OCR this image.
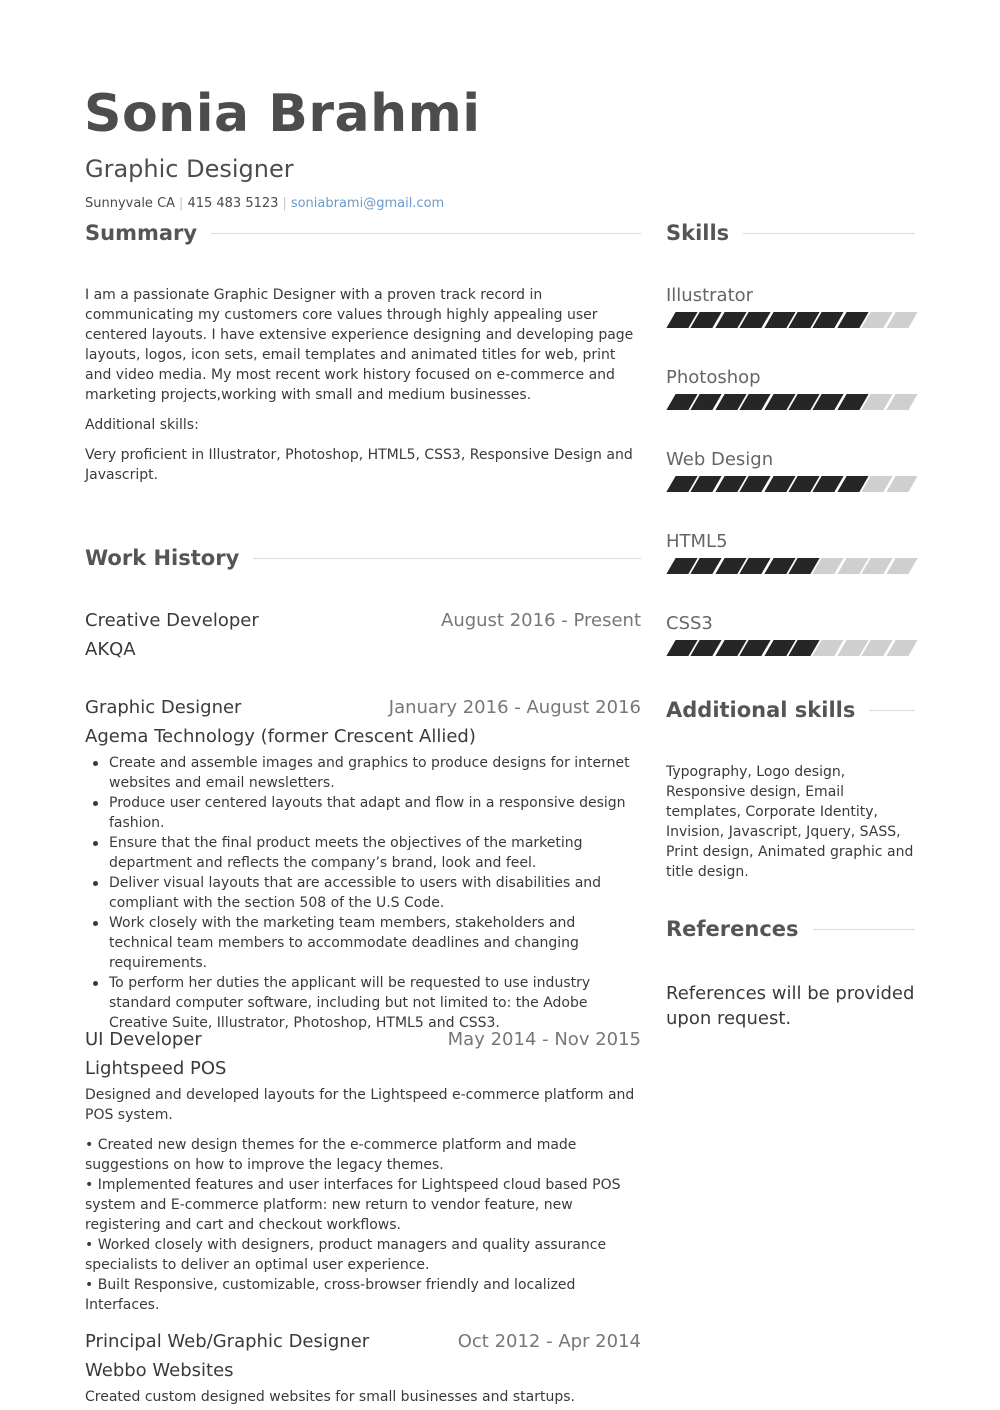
Sonia Brahmi
Graphic Designer
Sunnyvale CA | 415 483 5123 | soniabrami@gmail.com
Summary

I am a passionate Graphic Designer with a proven track record in communicating my customers core values through highly appealing user centered layouts. I have extensive experience designing and developing page layouts, logos, icon sets, email templates and animated titles for web, print and video media. My most recent work history focused on e-commerce and marketing projects,working with small and medium businesses.

Additional skills:

Very proficient in Illustrator, Photoshop, HTML5, CSS3, Responsive Design and Javascript.

Work History
Creative Developer	August 2016 - Present
AKQA
Graphic Designer	January 2016 - August 2016
Agema Technology (former Crescent Allied)
Create and assemble images and graphics to produce designs for internet websites and email newsletters.
Produce user centered layouts that adapt and flow in a responsive design fashion.
Ensure that the final product meets the objectives of the marketing department and reflects the company’s brand, look and feel.
Deliver visual layouts that are accessible to users with disabilities and compliant with the section 508 of the U.S Code.
Work closely with the marketing team members, stakeholders and technical team members to accommodate deadlines and changing requirements.
To perform her duties the applicant will be requested to use industry standard computer software, including but not limited to: the Adobe Creative Suite, Illustrator, Photoshop, HTML5 and CSS3.
UI Developer	May 2014 - Nov 2015
Lightspeed POS

Designed and developed layouts for the Lightspeed e-commerce platform and POS system.

• Created new design themes for the e-commerce platform and made suggestions on how to improve the legacy themes.

• Implemented features and user interfaces for Lightspeed cloud based POS system and E-commerce platform: new return to vendor feature, new registering and cart and checkout workflows.

• Worked closely with designers, product managers and quality assurance specialists to deliver an optimal user experience.

• Built Responsive, customizable, cross-browser friendly and localized Interfaces.

Principal Web/Graphic Designer	Oct 2012 - Apr 2014
Webbo Websites

Created custom designed websites for small businesses and startups.

Skills
Illustrator
Photoshop
Web Design
HTML5
CSS3
Additional skills

Typography, Logo design, Responsive design, Email templates, Corporate Identity, Invision, Javascript, Jquery, SASS, Print design, Animated graphic and title design.

References

References will be provided upon request.
